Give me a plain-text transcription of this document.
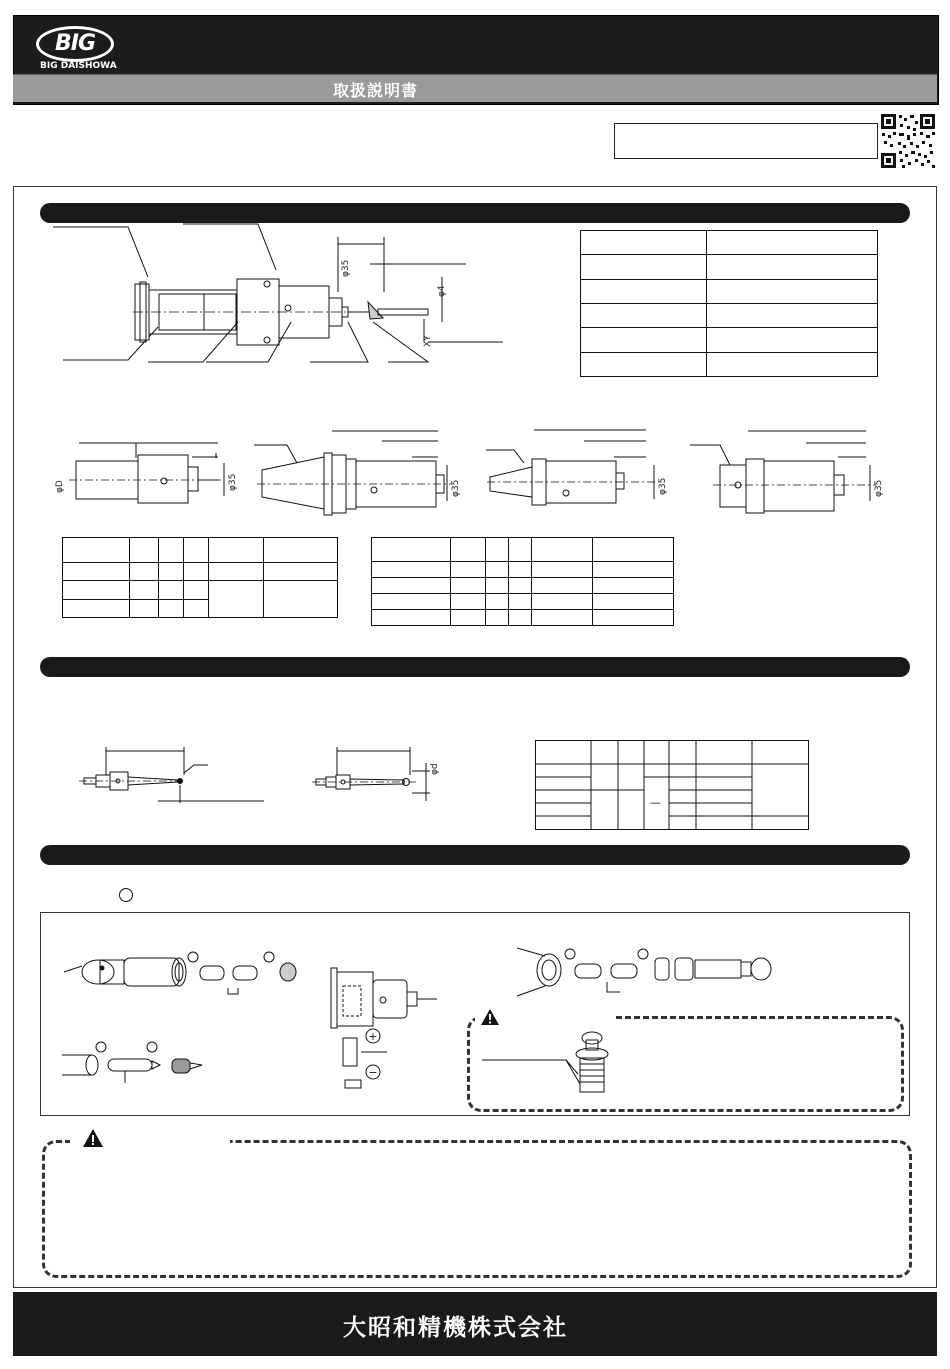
BIG
BIG DAISHOWA
取扱説明書
φ35
φ4
XY

φD	φ35	φ35	φ35	φ35

φd
—
+
−
大昭和精機株式会社
